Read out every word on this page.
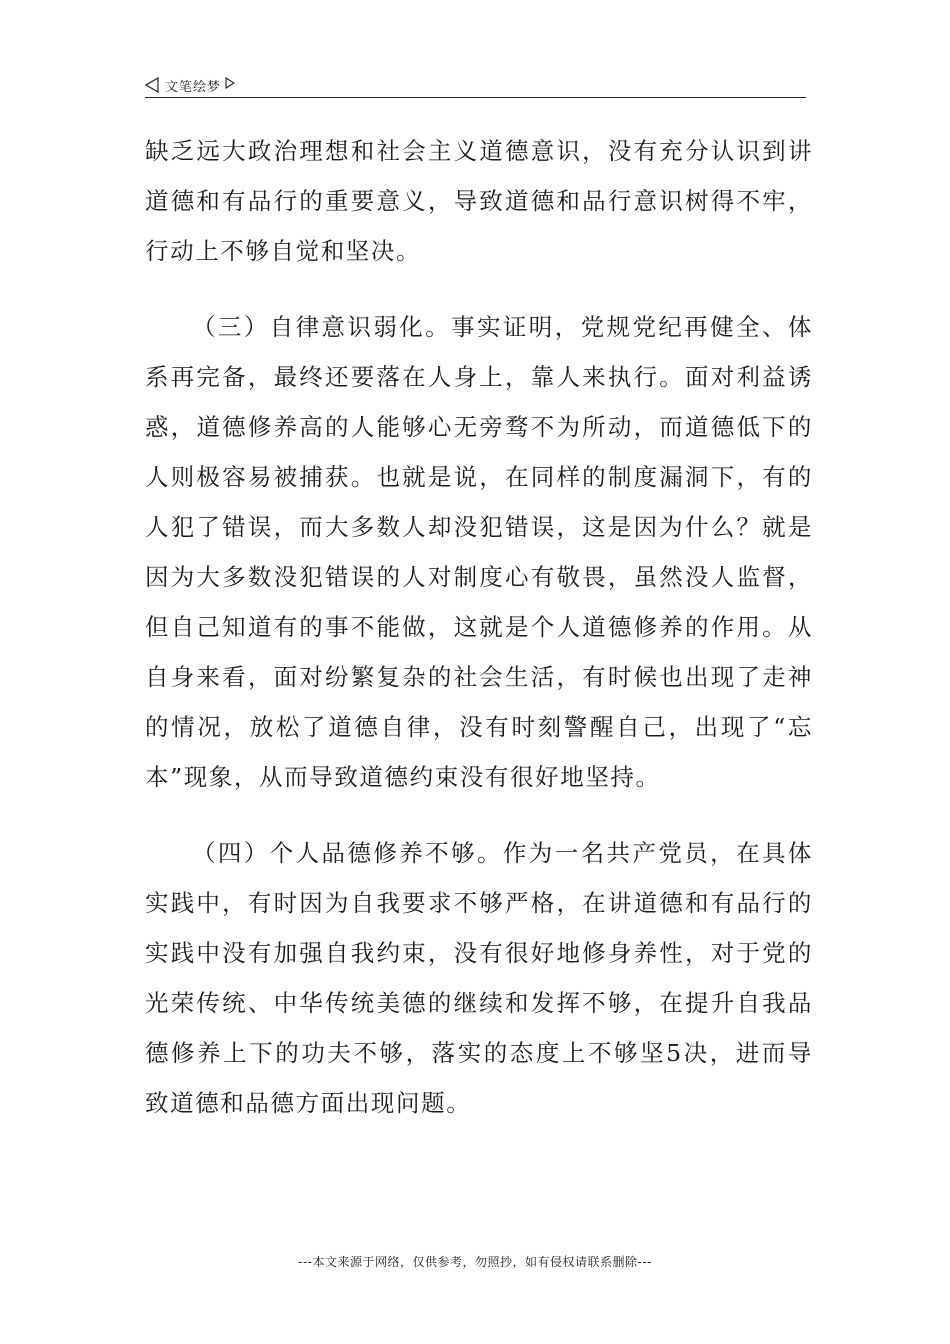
文笔绘梦

缺乏远大政治理想和社会主义道德意识，没有充分认识到讲道德和有品行的重要意义，导致道德和品行意识树得不牢，行动上不够自觉和坚决。

（三）自律意识弱化。事实证明，党规党纪再健全、体系再完备，最终还要落在人身上，靠人来执行。面对利益诱惑，道德修养高的人能够心无旁骛不为所动，而道德低下的人则极容易被捕获。也就是说，在同样的制度漏洞下，有的人犯了错误，而大多数人却没犯错误，这是因为什么？就是因为大多数没犯错误的人对制度心有敬畏，虽然没人监督，但自己知道有的事不能做，这就是个人道德修养的作用。从自身来看，面对纷繁复杂的社会生活，有时候也出现了走神的情况，放松了道德自律，没有时刻警醒自己，出现了“忘本”现象，从而导致道德约束没有很好地坚持。

（四）个人品德修养不够。作为一名共产党员，在具体实践中，有时因为自我要求不够严格，在讲道德和有品行的实践中没有加强自我约束，没有很好地修身养性，对于党的光荣传统、中华传统美德的继续和发挥不够，在提升自我品德修养上下的功夫不够，落实的态度上不够坚5决，进而导致道德和品德方面出现问题。

---本文来源于网络，仅供参考，勿照抄，如有侵权请联系删除---
